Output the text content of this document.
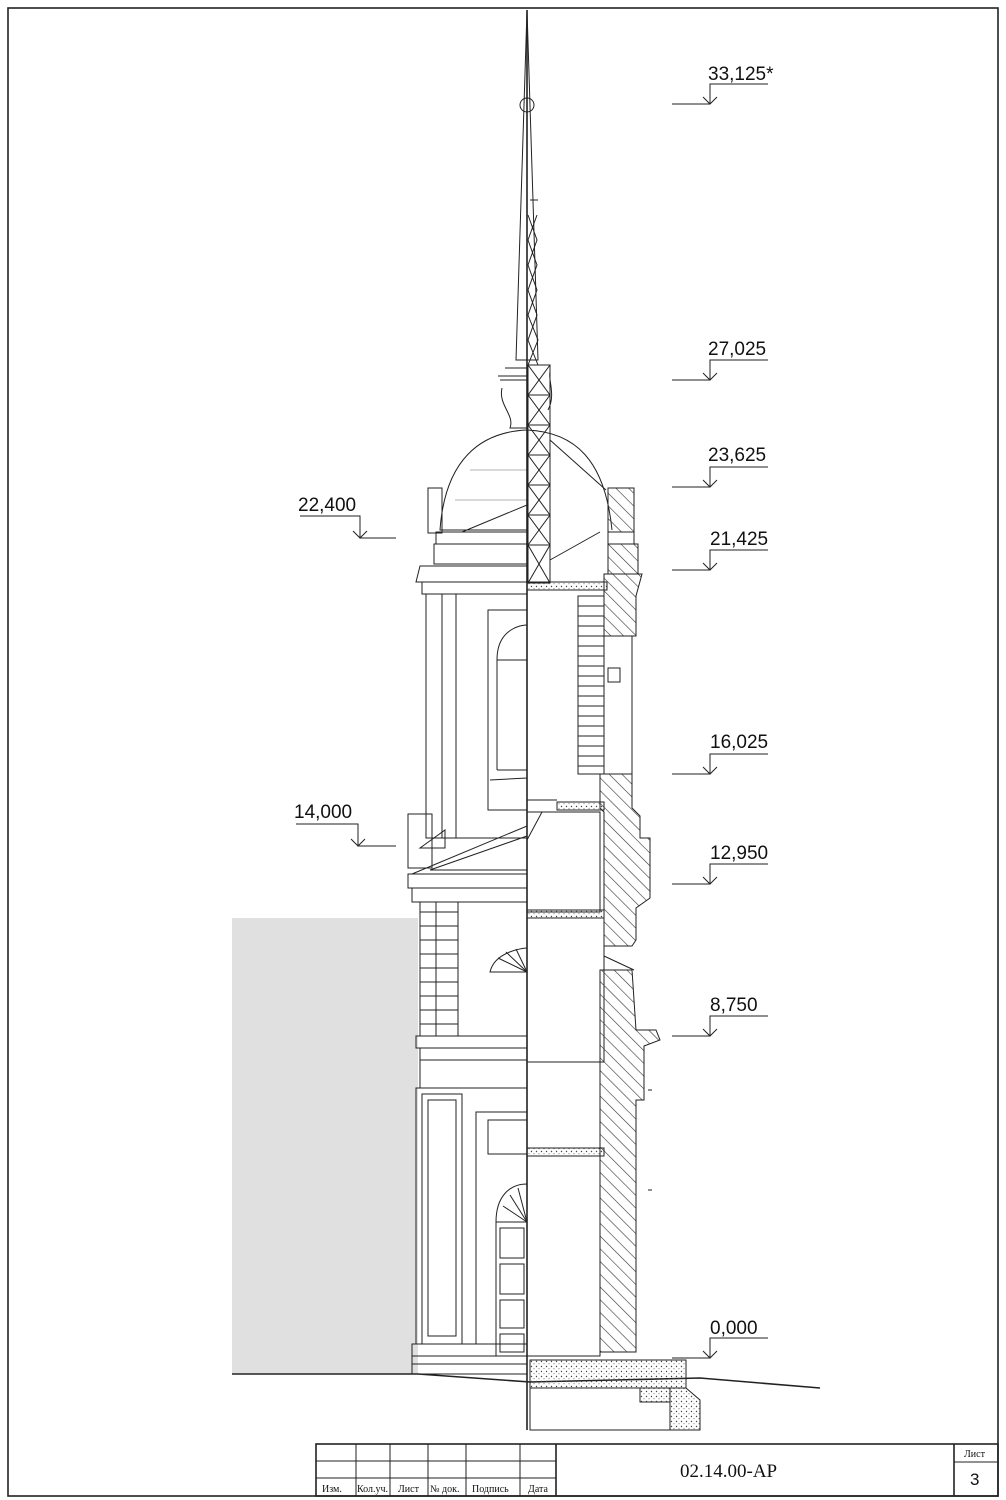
33,125*
27,025
23,625
21,425
16,025
12,950
8,750
0,000
22,400
14,000
Изм. Кол.уч. Лист № док. Подпись Дата
02.14.00-АР
Лист
3
